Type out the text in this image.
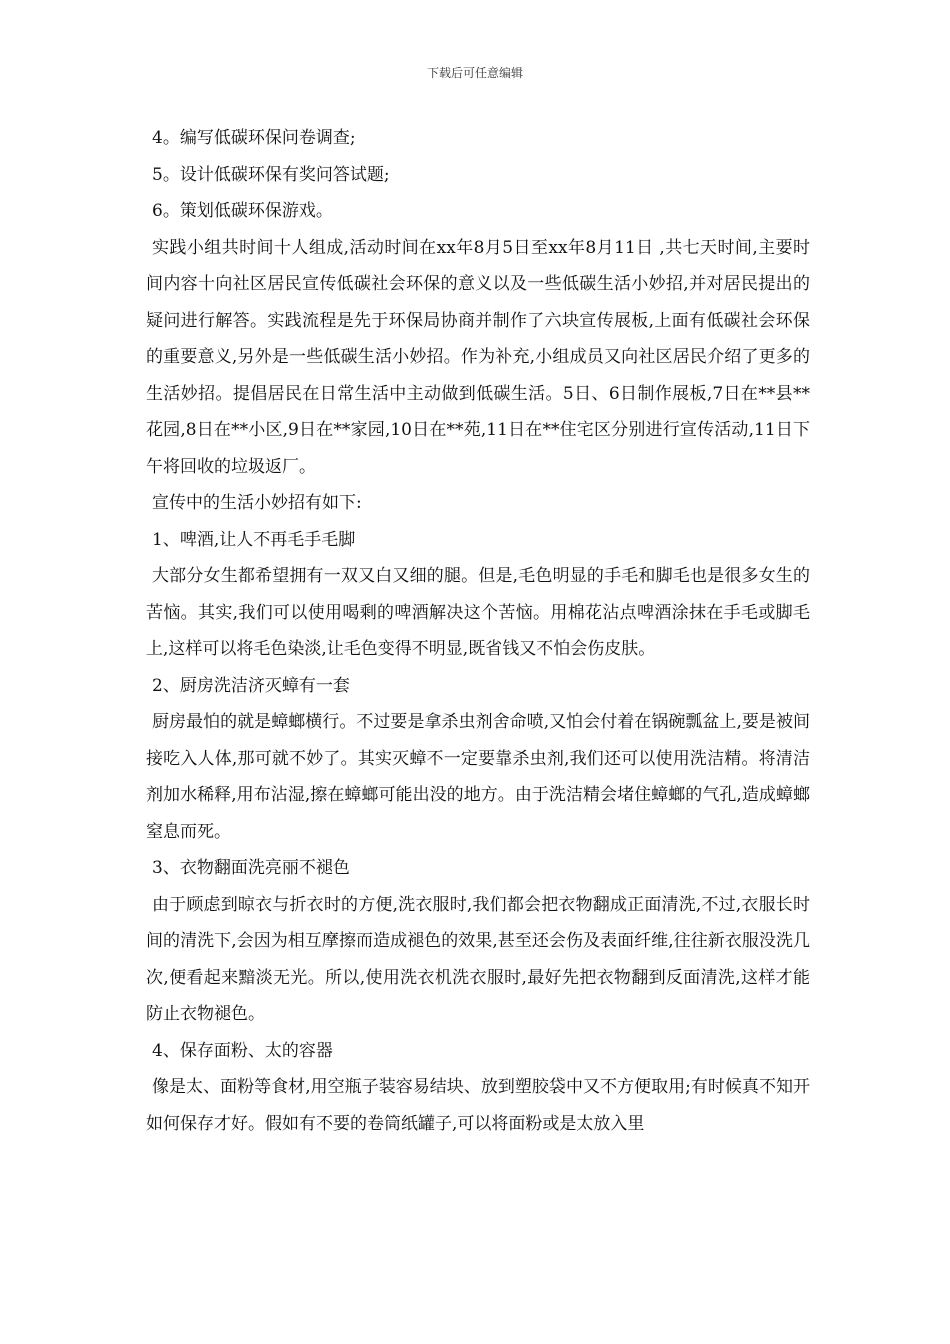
下载后可任意编辑

4。编写低碳环保问卷调查;

5。设计低碳环保有奖问答试题;

6。策划低碳环保游戏。

实践小组共时间十人组成,活动时间在xx年8月5日至xx年8月11日 ,共七天时间,主要时间内容十向社区居民宣传低碳社会环保的意义以及一些低碳生活小妙招,并对居民提出的疑问进行解答。实践流程是先于环保局协商并制作了六块宣传展板,上面有低碳社会环保的重要意义,另外是一些低碳生活小妙招。作为补充,小组成员又向社区居民介绍了更多的生活妙招。提倡居民在日常生活中主动做到低碳生活。5日、6日制作展板,7日在**县**花园,8日在**小区,9日在**家园,10日在**苑,11日在**住宅区分别进行宣传活动,11日下午将回收的垃圾返厂。

宣传中的生活小妙招有如下:

1、啤酒,让人不再毛手毛脚

大部分女生都希望拥有一双又白又细的腿。但是,毛色明显的手毛和脚毛也是很多女生的苦恼。其实,我们可以使用喝剩的啤酒解决这个苦恼。用棉花沾点啤酒涂抹在手毛或脚毛上,这样可以将毛色染淡,让毛色变得不明显,既省钱又不怕会伤皮肤。

2、厨房洗洁济灭蟑有一套

厨房最怕的就是蟑螂横行。不过要是拿杀虫剂舍命喷,又怕会付着在锅碗瓢盆上,要是被间接吃入人体,那可就不妙了。其实灭蟑不一定要靠杀虫剂,我们还可以使用洗洁精。将清洁剂加水稀释,用布沾湿,擦在蟑螂可能出没的地方。由于洗洁精会堵住蟑螂的气孔,造成蟑螂窒息而死。

3、衣物翻面洗亮丽不褪色

由于顾虑到晾衣与折衣时的方便,洗衣服时,我们都会把衣物翻成正面清洗,不过,衣服长时间的清洗下,会因为相互摩擦而造成褪色的效果,甚至还会伤及表面纤维,往往新衣服没洗几次,便看起来黯淡无光。所以,使用洗衣机洗衣服时,最好先把衣物翻到反面清洗,这样才能防止衣物褪色。

4、保存面粉、太的容器

像是太、面粉等食材,用空瓶子装容易结块、放到塑胶袋中又不方便取用;有时候真不知开如何保存才好。假如有不要的卷筒纸罐子,可以将面粉或是太放入里
